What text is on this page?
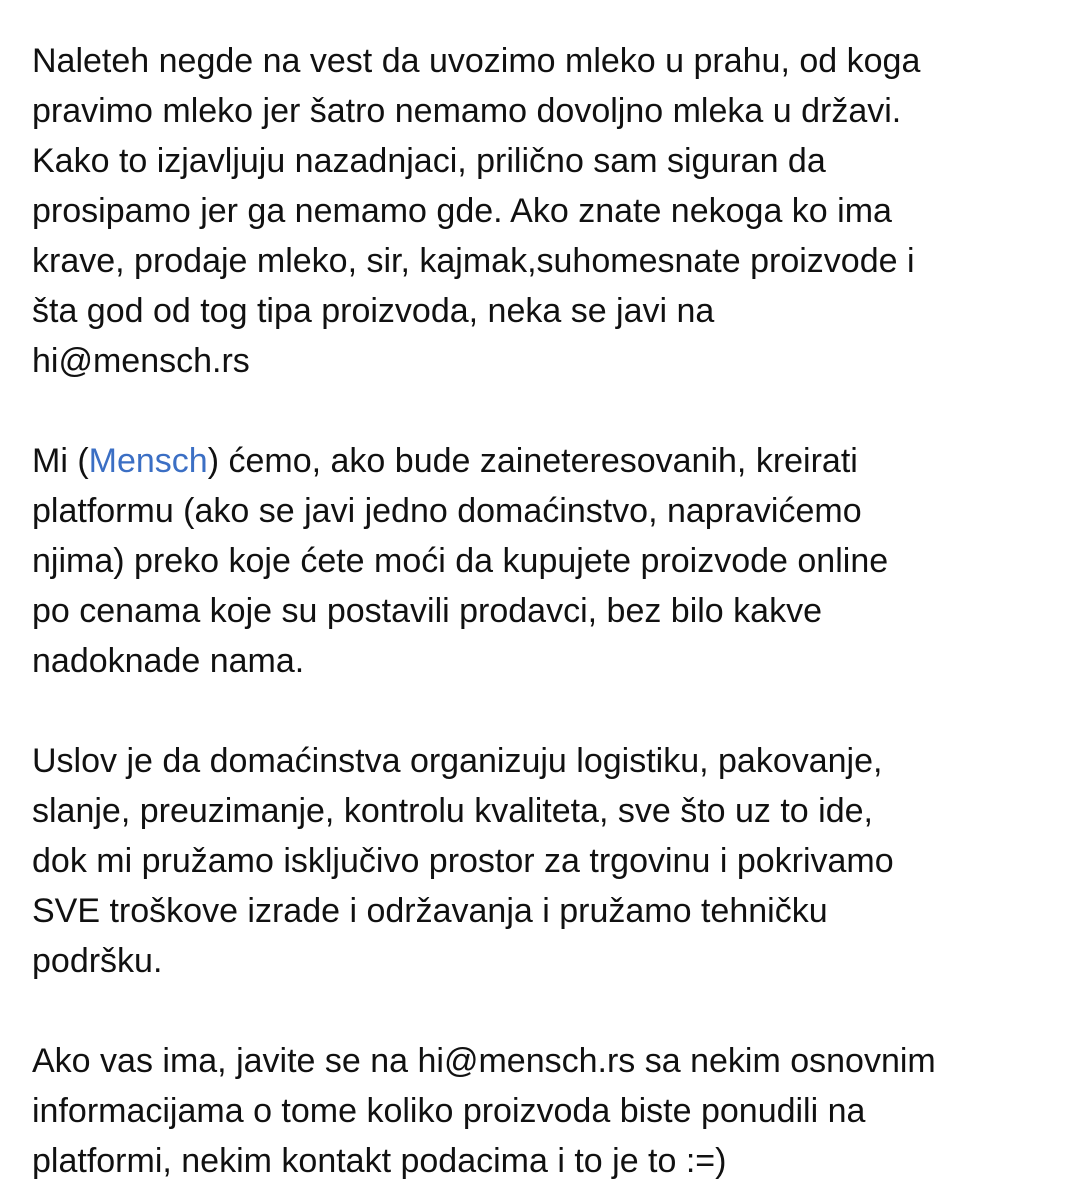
Naleteh negde na vest da uvozimo mleko u prahu, od koga
pravimo mleko jer šatro nemamo dovoljno mleka u državi.
Kako to izjavljuju nazadnjaci, prilično sam siguran da
prosipamo jer ga nemamo gde. Ako znate nekoga ko ima
krave, prodaje mleko, sir, kajmak,suhomesnate proizvode i
šta god od tog tipa proizvoda, neka se javi na
hi@mensch.rs
Mi (Mensch) ćemo, ako bude zaineteresovanih, kreirati
platformu (ako se javi jedno domaćinstvo, napravićemo
njima) preko koje ćete moći da kupujete proizvode online
po cenama koje su postavili prodavci, bez bilo kakve
nadoknade nama.
Uslov je da domaćinstva organizuju logistiku, pakovanje,
slanje, preuzimanje, kontrolu kvaliteta, sve što uz to ide,
dok mi pružamo isključivo prostor za trgovinu i pokrivamo
SVE troškove izrade i održavanja i pružamo tehničku
podršku.
Ako vas ima, javite se na hi@mensch.rs sa nekim osnovnim
informacijama o tome koliko proizvoda biste ponudili na
platformi, nekim kontakt podacima i to je to :=)
